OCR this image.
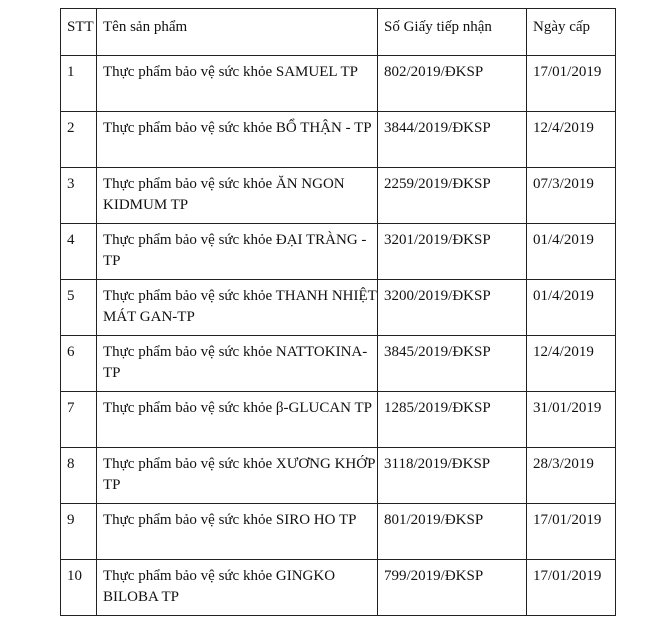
STT	Tên sản phẩm	Số Giấy tiếp nhận	Ngày cấp
1	Thực phẩm bảo vệ sức khỏe SAMUEL TP	802/2019/ĐKSP	17/01/2019
2	Thực phẩm bảo vệ sức khỏe BỔ THẬN - TP	3844/2019/ĐKSP	12/4/2019
3	Thực phẩm bảo vệ sức khỏe ĂN NGON KIDMUM TP	2259/2019/ĐKSP	07/3/2019
4	Thực phẩm bảo vệ sức khỏe ĐẠI TRÀNG - TP	3201/2019/ĐKSP	01/4/2019
5	Thực phẩm bảo vệ sức khỏe THANH NHIỆT MÁT GAN-TP	3200/2019/ĐKSP	01/4/2019
6	Thực phẩm bảo vệ sức khỏe NATTOKINA-TP	3845/2019/ĐKSP	12/4/2019
7	Thực phẩm bảo vệ sức khỏe β-GLUCAN TP	1285/2019/ĐKSP	31/01/2019
8	Thực phẩm bảo vệ sức khỏe XƯƠNG KHỚP TP	3118/2019/ĐKSP	28/3/2019
9	Thực phẩm bảo vệ sức khỏe SIRO HO TP	801/2019/ĐKSP	17/01/2019
10	Thực phẩm bảo vệ sức khỏe GINGKO BILOBA TP	799/2019/ĐKSP	17/01/2019
